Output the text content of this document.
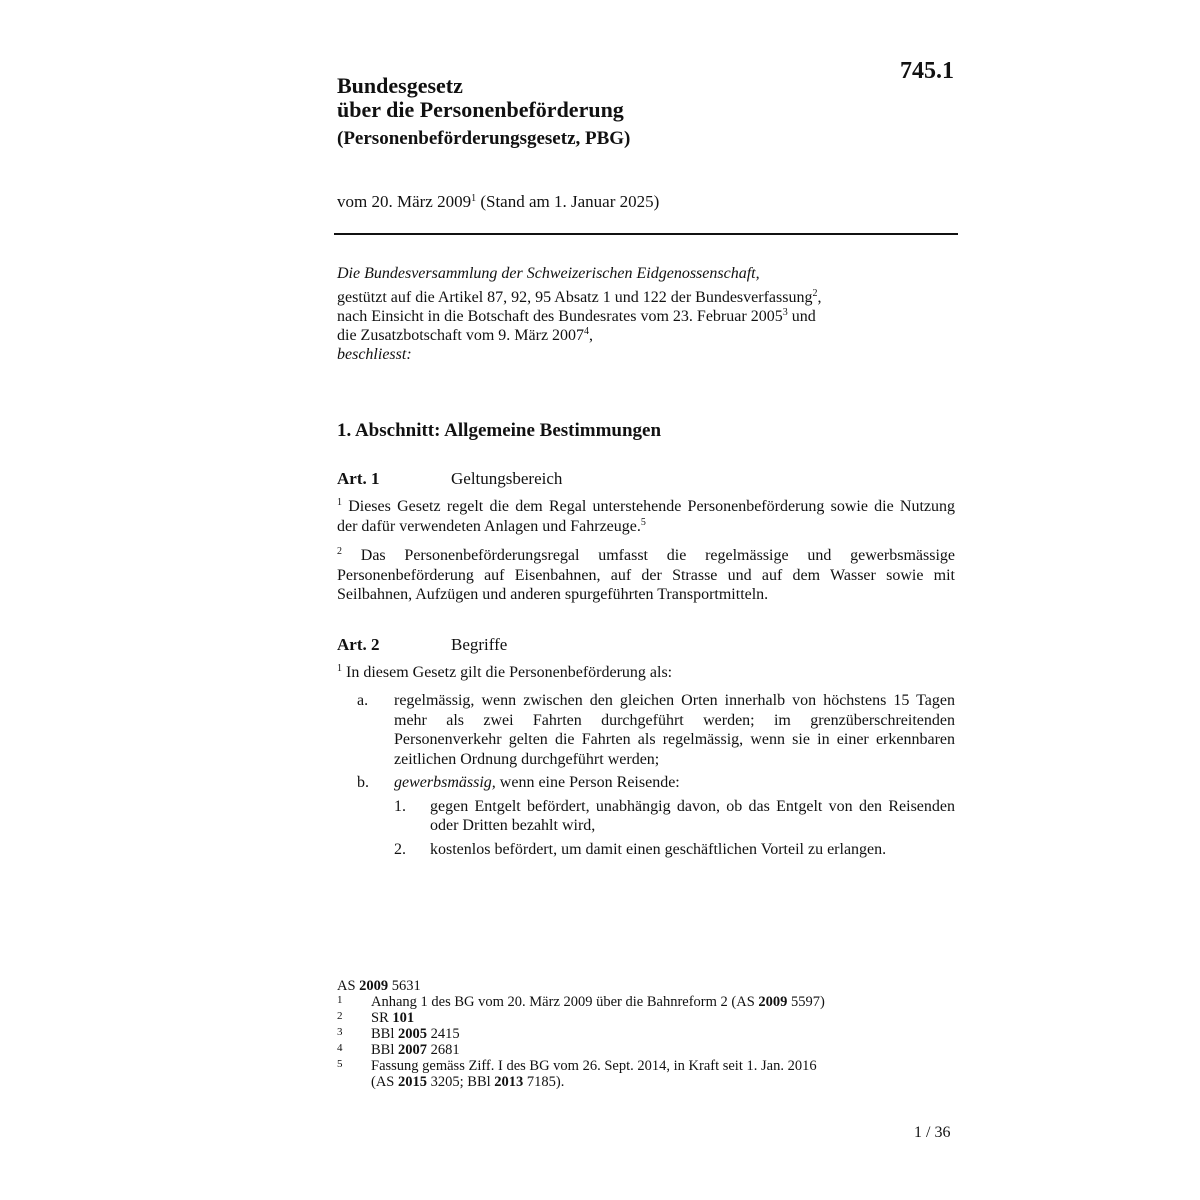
745.1
Bundesgesetz
über die Personenbeförderung
(Personenbeförderungsgesetz, PBG)
vom 20. März 2009$^1$ (Stand am 1. Januar 2025)
Die Bundesversammlung der Schweizerischen Eidgenossenschaft,
gestützt auf die Artikel 87, 92, 95 Absatz 1 und 122 der Bundesverfassung$^2$,
nach Einsicht in die Botschaft des Bundesrates vom 23. Februar 2005$^3$ und
die Zusatzbotschaft vom 9. März 2007$^4$,
beschliesst:
1. Abschnitt: Allgemeine Bestimmungen
Art. 1	Geltungsbereich
$^1$ Dieses Gesetz regelt die dem Regal unterstehende Personenbeförderung sowie die Nutzung der dafür verwendeten Anlagen und Fahrzeuge.$^5$
$^2$ Das Personenbeförderungsregal umfasst die regelmässige und gewerbsmässige Personenbeförderung auf Eisenbahnen, auf der Strasse und auf dem Wasser sowie mit Seilbahnen, Aufzügen und anderen spurgeführten Transportmitteln.
Art. 2	Begriffe
$^1$ In diesem Gesetz gilt die Personenbeförderung als:
a.	regelmässig, wenn zwischen den gleichen Orten innerhalb von höchstens 15 Tagen mehr als zwei Fahrten durchgeführt werden; im grenzüberschreitenden Personenverkehr gelten die Fahrten als regelmässig, wenn sie in einer erkennbaren zeitlichen Ordnung durchgeführt werden;
b.	gewerbsmässig, wenn eine Person Reisende:
1.	gegen Entgelt befördert, unabhängig davon, ob das Entgelt von den Reisenden oder Dritten bezahlt wird,
2.	kostenlos befördert, um damit einen geschäftlichen Vorteil zu erlangen.
AS 2009 5631
1	Anhang 1 des BG vom 20. März 2009 über die Bahnreform 2 (AS 2009 5597)
2	SR 101
3	BBl 2005 2415
4	BBl 2007 2681
5	Fassung gemäss Ziff. I des BG vom 26. Sept. 2014, in Kraft seit 1. Jan. 2016
(AS 2015 3205; BBl 2013 7185).
1 / 36
